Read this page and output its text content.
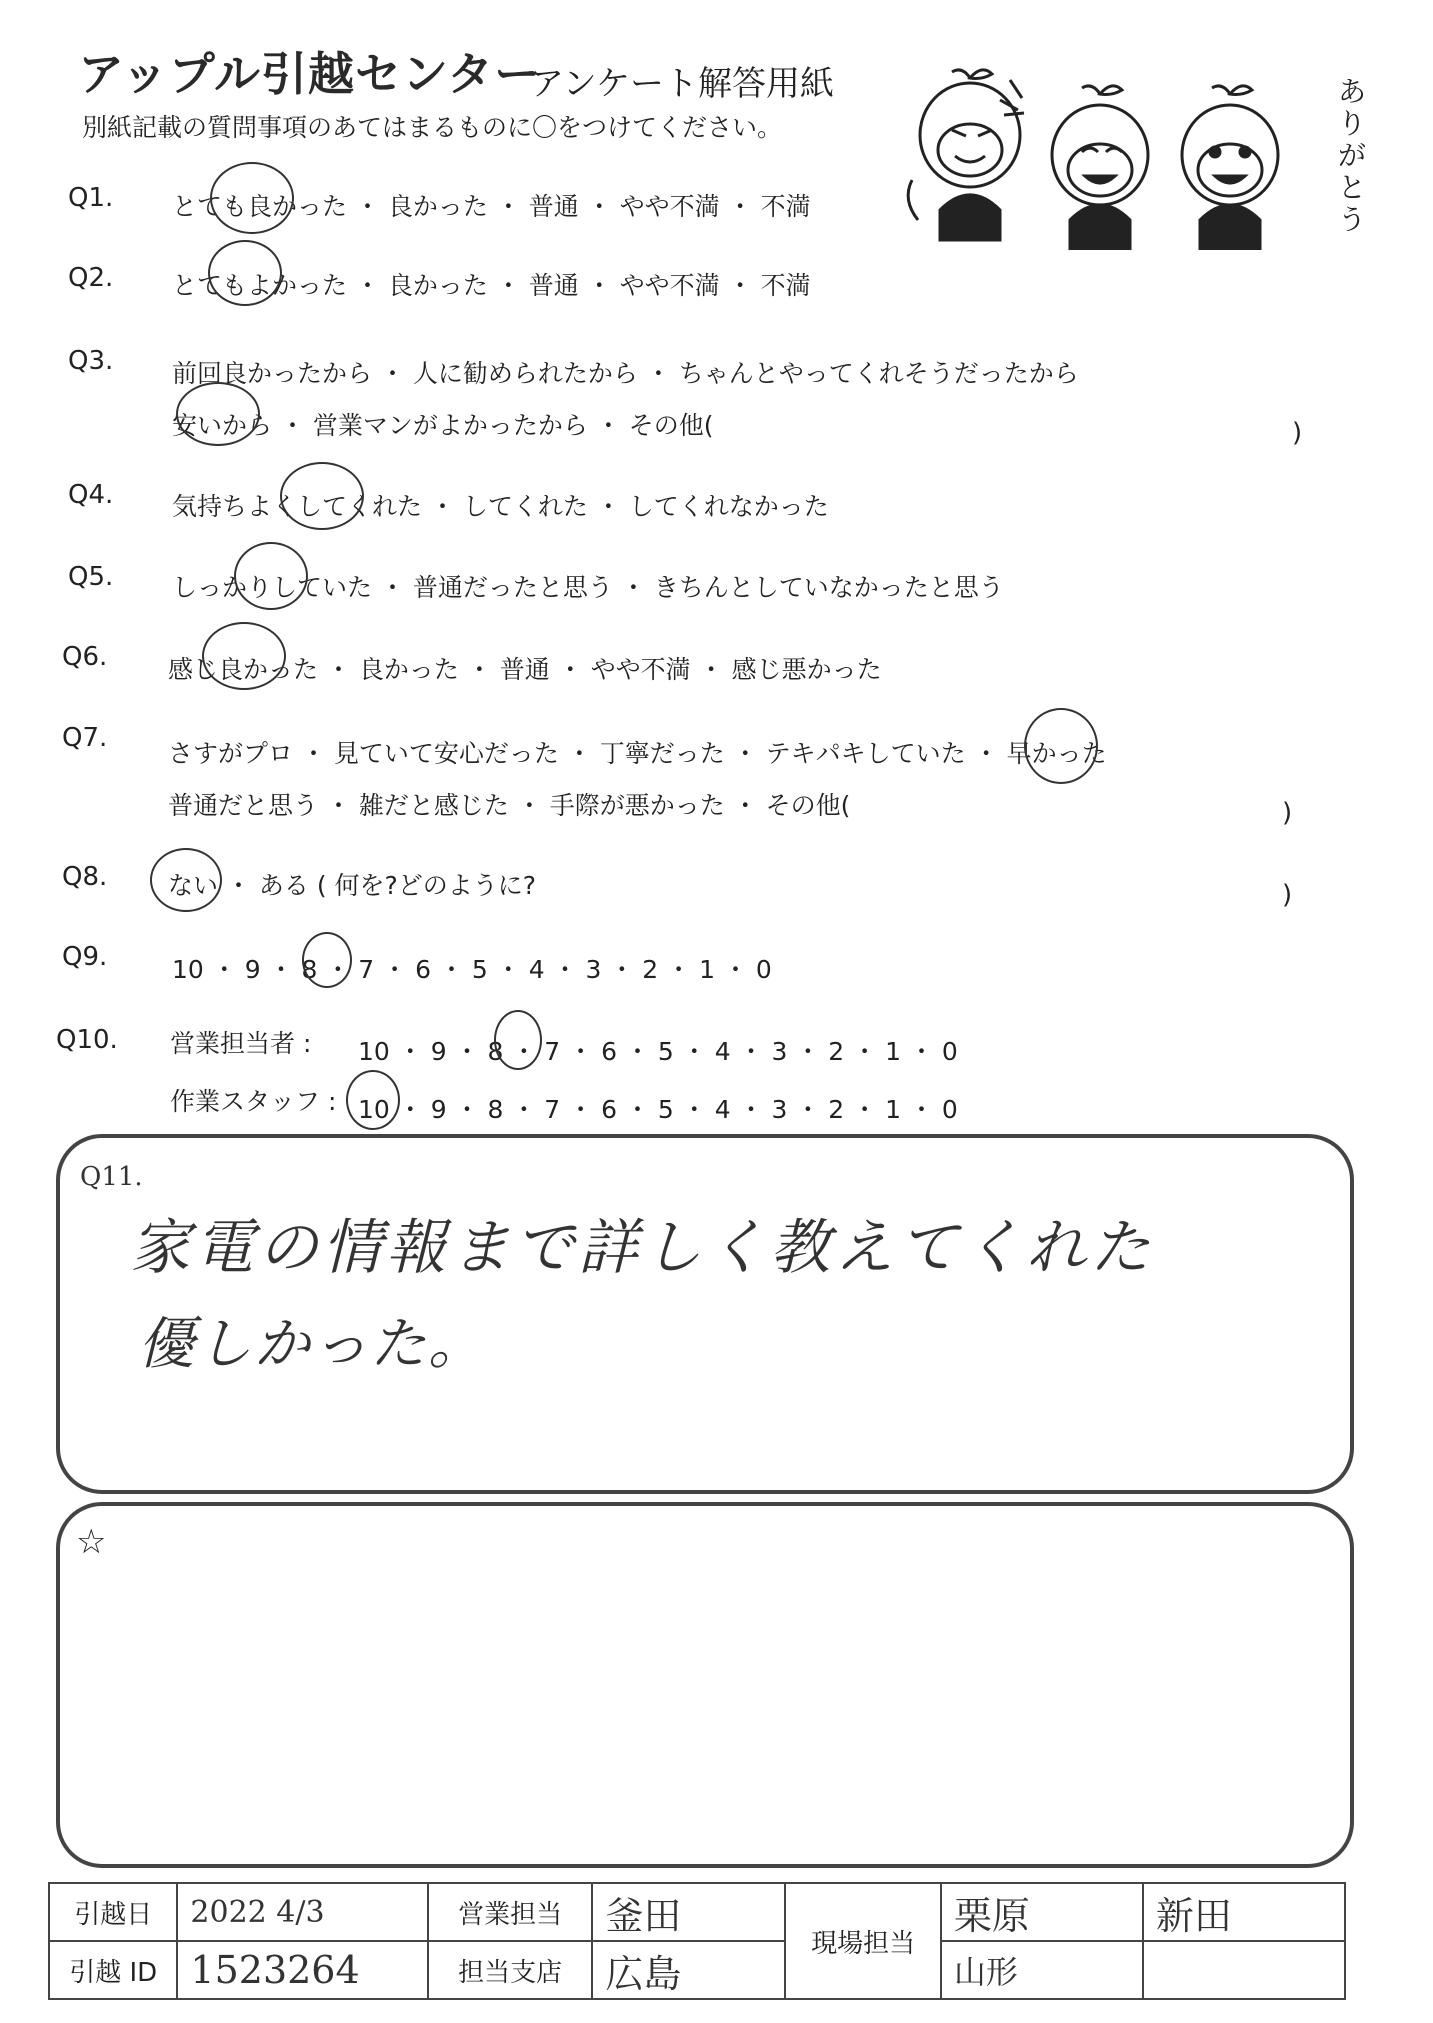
アップル引越センター
アンケート解答用紙
別紙記載の質問事項のあてはまるものに〇をつけてください。
ありがとう
Q1. とても良かった ・ 良かった ・ 普通 ・ やや不満 ・ 不満
Q2. とてもよかった ・ 良かった ・ 普通 ・ やや不満 ・ 不満
Q3. 前回良かったから ・ 人に勧められたから ・ ちゃんとやってくれそうだったから
安いから ・ 営業マンがよかったから ・ その他(	)
Q4. 気持ちよくしてくれた ・ してくれた ・ してくれなかった
Q5. しっかりしていた ・ 普通だったと思う ・ きちんとしていなかったと思う
Q6. 感じ良かった ・ 良かった ・ 普通 ・ やや不満 ・ 感じ悪かった
Q7.
さすがプロ ・ 見ていて安心だった ・ 丁寧だった ・ テキパキしていた ・ 早かった
普通だと思う ・ 雑だと感じた ・ 手際が悪かった ・ その他(	)
Q8. ない ・ ある ( 何を?どのように?	)
Q9.	10 ・ 9 ・ 8 ・ 7 ・ 6 ・ 5 ・ 4 ・ 3 ・ 2 ・ 1 ・ 0
Q10. 営業担当者 : 10 ・ 9 ・ 8 ・ 7 ・ 6 ・ 5 ・ 4 ・ 3 ・ 2 ・ 1 ・ 0
作業スタッフ : 10 ・ 9 ・ 8 ・ 7 ・ 6 ・ 5 ・ 4 ・ 3 ・ 2 ・ 1 ・ 0
Q11.
家電の情報まで詳しく教えてくれた
優しかった。
☆
引越日	2022 4/3	営業担当	釜田	現場担当	栗原	新田
引越 ID	1523264	担当支店	広島		山形	
